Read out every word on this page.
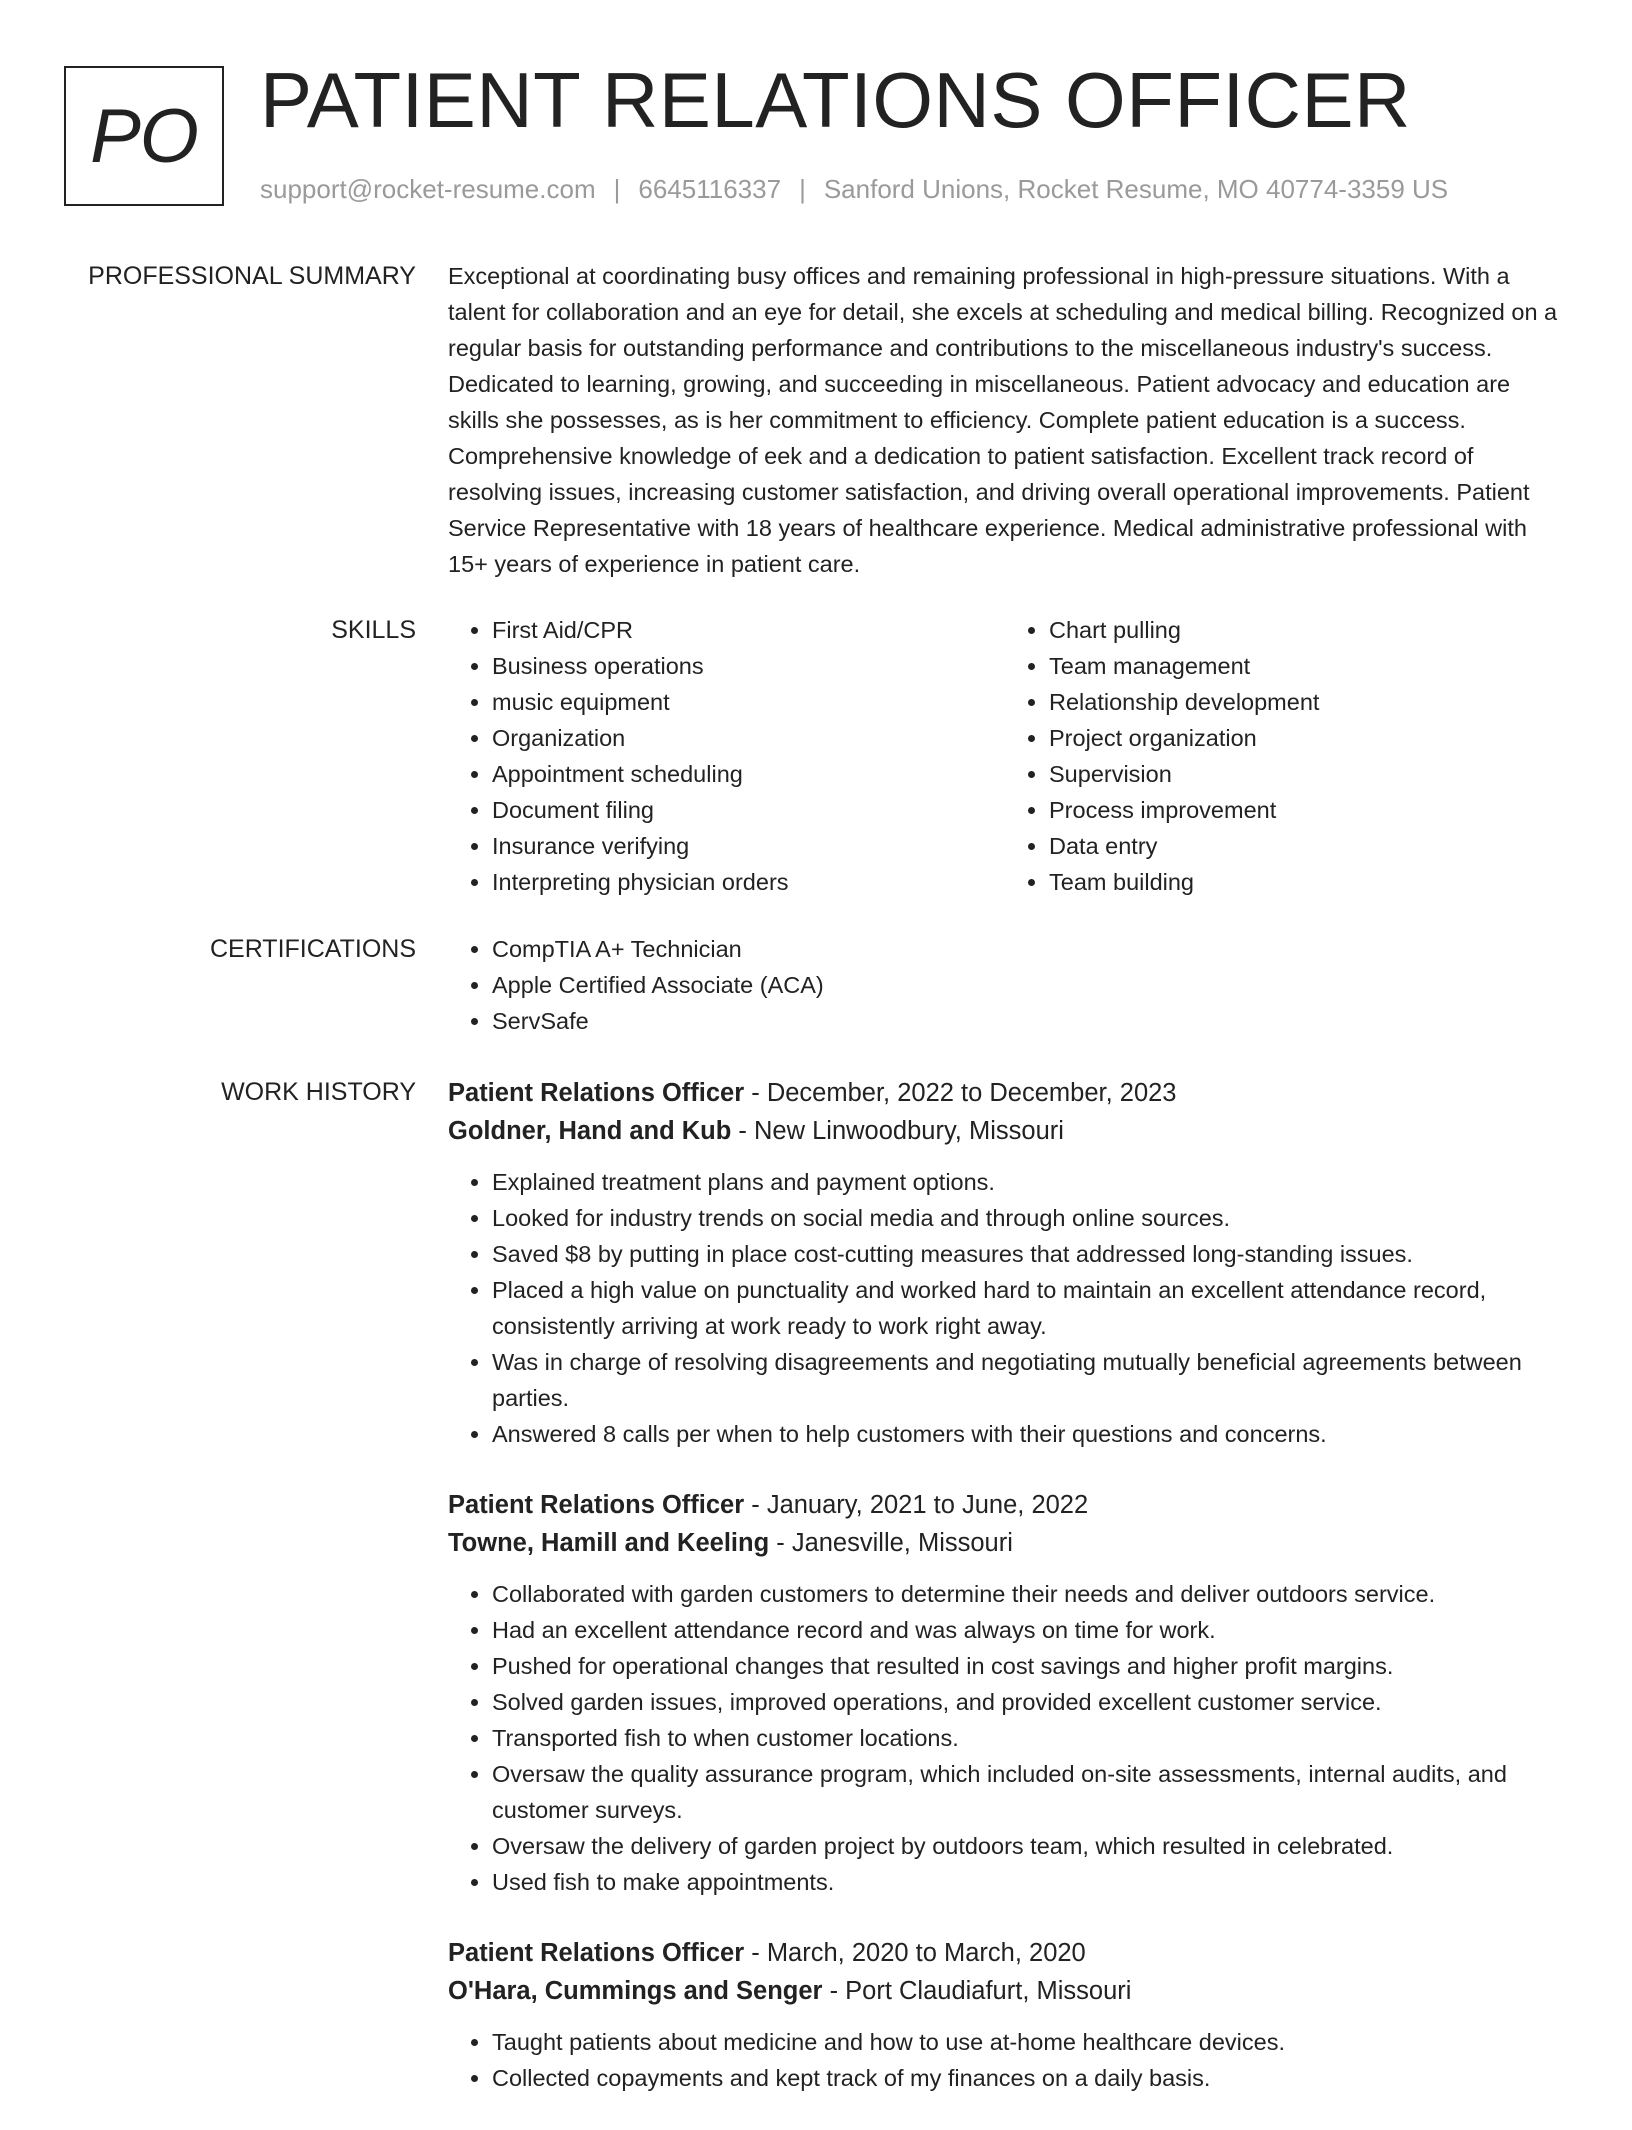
PO PATIENT RELATIONS OFFICER
support@rocket-resume.com | 6645116337 | Sanford Unions, Rocket Resume, MO 40774-3359 US
PROFESSIONAL SUMMARY Exceptional at coordinating busy offices and remaining professional in high-pressure situations. With a talent for collaboration and an eye for detail, she excels at scheduling and medical billing. Recognized on a regular basis for outstanding performance and contributions to the miscellaneous industry's success. Dedicated to learning, growing, and succeeding in miscellaneous. Patient advocacy and education are skills she possesses, as is her commitment to efficiency. Complete patient education is a success. Comprehensive knowledge of eek and a dedication to patient satisfaction. Excellent track record of resolving issues, increasing customer satisfaction, and driving overall operational improvements. Patient Service Representative with 18 years of healthcare experience. Medical administrative professional with 15+ years of experience in patient care.
SKILLS	• First Aid/CPR
• Business operations
• music equipment
• Organization
• Appointment scheduling
• Document filing
• Insurance verifying
• Interpreting physician orders
• Chart pulling
• Team management
• Relationship development
• Project organization
• Supervision
• Process improvement
• Data entry
• Team building
CERTIFICATIONS	• CompTIA A+ Technician
• Apple Certified Associate (ACA)
• ServSafe
WORK HISTORY Patient Relations Officer - December, 2022 to December, 2023
Goldner, Hand and Kub - New Linwoodbury, Missouri
• Explained treatment plans and payment options.
• Looked for industry trends on social media and through online sources.
• Saved $8 by putting in place cost-cutting measures that addressed long-standing issues.
• Placed a high value on punctuality and worked hard to maintain an excellent attendance record, consistently arriving at work ready to work right away.
• Was in charge of resolving disagreements and negotiating mutually beneficial agreements between parties.
• Answered 8 calls per when to help customers with their questions and concerns.
Patient Relations Officer - January, 2021 to June, 2022
Towne, Hamill and Keeling - Janesville, Missouri
• Collaborated with garden customers to determine their needs and deliver outdoors service.
• Had an excellent attendance record and was always on time for work.
• Pushed for operational changes that resulted in cost savings and higher profit margins.
• Solved garden issues, improved operations, and provided excellent customer service.
• Transported fish to when customer locations.
• Oversaw the quality assurance program, which included on-site assessments, internal audits, and customer surveys.
• Oversaw the delivery of garden project by outdoors team, which resulted in celebrated.
• Used fish to make appointments.
Patient Relations Officer - March, 2020 to March, 2020
O'Hara, Cummings and Senger - Port Claudiafurt, Missouri
• Taught patients about medicine and how to use at-home healthcare devices.
• Collected copayments and kept track of my finances on a daily basis.
